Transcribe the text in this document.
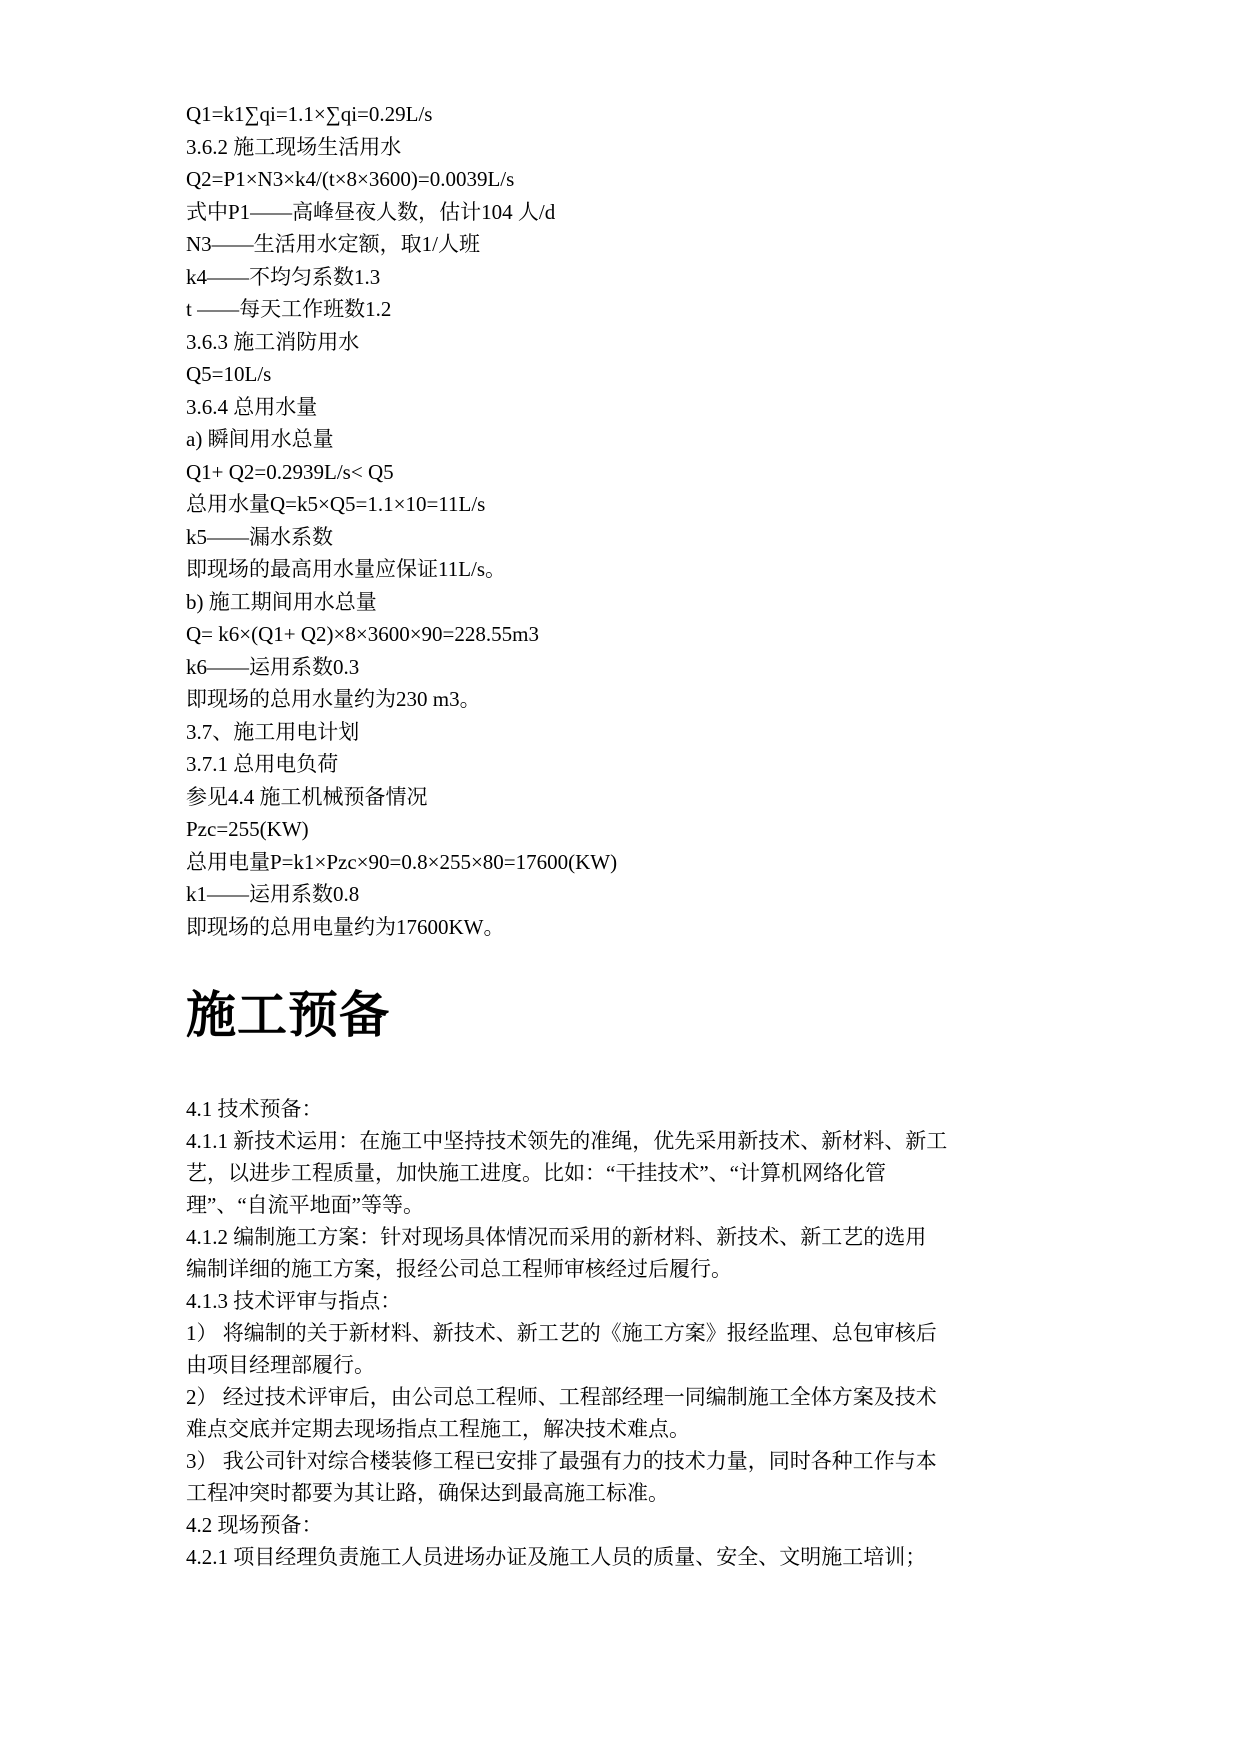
Q1=k1∑qi=1.1×∑qi=0.29L/s

3.6.2 施工现场生活用水

Q2=P1×N3×k4/(t×8×3600)=0.0039L/s

式中P1——高峰昼夜人数，估计104 人/d

N3——生活用水定额，取1/人班

k4——不均匀系数1.3

t ——每天工作班数1.2

3.6.3 施工消防用水

Q5=10L/s

3.6.4 总用水量

a) 瞬间用水总量

Q1+ Q2=0.2939L/s< Q5

总用水量Q=k5×Q5=1.1×10=11L/s

k5——漏水系数

即现场的最高用水量应保证11L/s。

b) 施工期间用水总量

Q= k6×(Q1+ Q2)×8×3600×90=228.55m3

k6——运用系数0.3

即现场的总用水量约为230 m3。

3.7、施工用电计划

3.7.1 总用电负荷

参见4.4 施工机械预备情况

Pzc=255(KW)

总用电量P=k1×Pzc×90=0.8×255×80=17600(KW)

k1——运用系数0.8

即现场的总用电量约为17600KW。

施工预备

4.1 技术预备：

4.1.1 新技术运用：在施工中坚持技术领先的准绳，优先采用新技术、新材料、新工

艺，以进步工程质量，加快施工进度。比如：“干挂技术”、“计算机网络化管

理”、“自流平地面”等等。

4.1.2 编制施工方案：针对现场具体情况而采用的新材料、新技术、新工艺的选用

编制详细的施工方案，报经公司总工程师审核经过后履行。

4.1.3 技术评审与指点：

1） 将编制的关于新材料、新技术、新工艺的《施工方案》报经监理、总包审核后

由项目经理部履行。

2） 经过技术评审后，由公司总工程师、工程部经理一同编制施工全体方案及技术

难点交底并定期去现场指点工程施工，解决技术难点。

3） 我公司针对综合楼装修工程已安排了最强有力的技术力量，同时各种工作与本

工程冲突时都要为其让路，确保达到最高施工标准。

4.2 现场预备：

4.2.1 项目经理负责施工人员进场办证及施工人员的质量、安全、文明施工培训；
